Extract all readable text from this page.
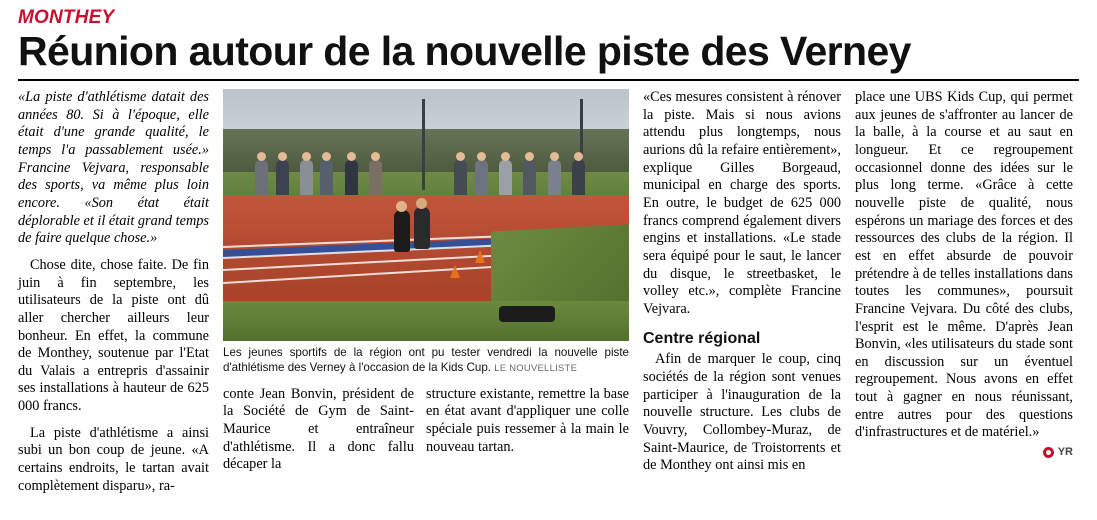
MONTHEY
Réunion autour de la nouvelle piste des Verney

«La piste d'athlétisme datait des années 80. Si à l'époque, elle était d'une grande qualité, le temps l'a passablement usée.» Francine Vejvara, responsable des sports, va même plus loin encore. «Son état était déplorable et il était grand temps de faire quelque chose.»

Chose dite, chose faite. De fin juin à fin septembre, les utilisateurs de la piste ont dû aller chercher ailleurs leur bonheur. En effet, la commune de Monthey, soutenue par l'Etat du Valais a entrepris d'assainir ses installations à hauteur de 625 000 francs.

La piste d'athlétisme a ainsi subi un bon coup de jeune. «A certains endroits, le tartan avait complètement disparu», ra-

Les jeunes sportifs de la région ont pu tester vendredi la nouvelle piste d'athlétisme des Verney à l'occasion de la Kids Cup. LE NOUVELLISTE

conte Jean Bonvin, président de la Société de Gym de Saint-Maurice et entraîneur d'athlétisme. Il a donc fallu décaper la

structure existante, remettre la base en état avant d'appliquer une colle spéciale puis ressemer à la main le nouveau tartan.

«Ces mesures consistent à rénover la piste. Mais si nous avions attendu plus longtemps, nous aurions dû la refaire entièrement», explique Gilles Borgeaud, municipal en charge des sports. En outre, le budget de 625 000 francs comprend également divers engins et installations. «Le stade sera équipé pour le saut, le lancer du disque, le streetbasket, le volley etc.», complète Francine Vejvara.

Centre régional

Afin de marquer le coup, cinq sociétés de la région sont venues participer à l'inauguration de la nouvelle structure. Les clubs de Vouvry, Collombey-Muraz, de Saint-Maurice, de Troistorrents et de Monthey ont ainsi mis en

place une UBS Kids Cup, qui permet aux jeunes de s'affronter au lancer de la balle, à la course et au saut en longueur. Et ce regroupement occasionnel donne des idées sur le plus long terme. «Grâce à cette nouvelle piste de qualité, nous espérons un mariage des forces et des ressources des clubs de la région. Il est en effet absurde de pouvoir prétendre à de telles installations dans toutes les communes», poursuit Francine Vejvara. Du côté des clubs, l'esprit est le même. D'après Jean Bonvin, «les utilisateurs du stade sont en discussion sur un éventuel regroupement. Nous avons en effet tout à gagner en nous réunissant, entre autres pour des questions d'infrastructures et de matériel.»

YR
